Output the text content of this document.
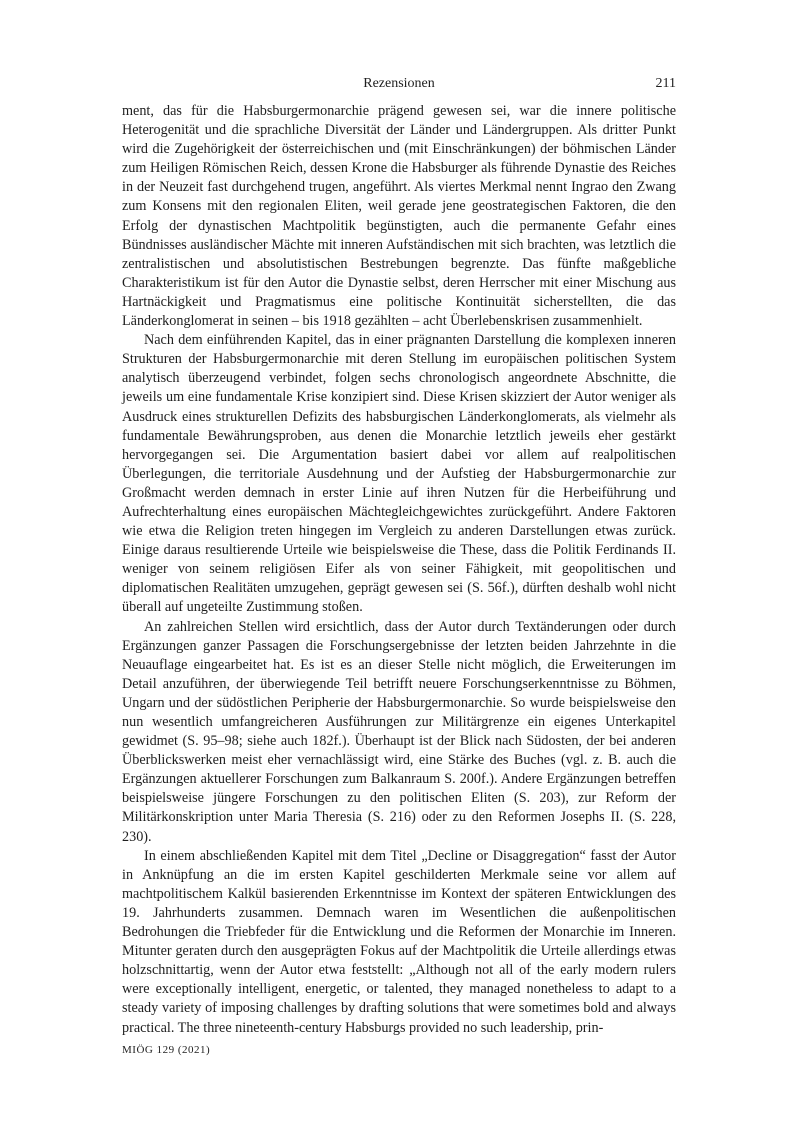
Rezensionen	211

ment, das für die Habsburgermonarchie prägend gewesen sei, war die innere politische Heterogenität und die sprachliche Diversität der Länder und Ländergruppen. Als dritter Punkt wird die Zugehörigkeit der österreichischen und (mit Einschränkungen) der böhmischen Länder zum Heiligen Römischen Reich, dessen Krone die Habsburger als führende Dynastie des Reiches in der Neuzeit fast durchgehend trugen, angeführt. Als viertes Merkmal nennt Ingrao den Zwang zum Konsens mit den regionalen Eliten, weil gerade jene geostrategischen Faktoren, die den Erfolg der dynastischen Machtpolitik begünstigten, auch die permanente Gefahr eines Bündnisses ausländischer Mächte mit inneren Aufständischen mit sich brachten, was letztlich die zentralistischen und absolutistischen Bestrebungen begrenzte. Das fünfte maßgebliche Charakteristikum ist für den Autor die Dynastie selbst, deren Herrscher mit einer Mischung aus Hartnäckigkeit und Pragmatismus eine politische Kontinuität sicherstellten, die das Länderkonglomerat in seinen – bis 1918 gezählten – acht Überlebenskrisen zusammenhielt.

Nach dem einführenden Kapitel, das in einer prägnanten Darstellung die komplexen inneren Strukturen der Habsburgermonarchie mit deren Stellung im europäischen politischen System analytisch überzeugend verbindet, folgen sechs chronologisch angeordnete Abschnitte, die jeweils um eine fundamentale Krise konzipiert sind. Diese Krisen skizziert der Autor weniger als Ausdruck eines strukturellen Defizits des habsburgischen Länderkonglomerats, als vielmehr als fundamentale Bewährungsproben, aus denen die Monarchie letztlich jeweils eher gestärkt hervorgegangen sei. Die Argumentation basiert dabei vor allem auf realpolitischen Überlegungen, die territoriale Ausdehnung und der Aufstieg der Habsburgermonarchie zur Großmacht werden demnach in erster Linie auf ihren Nutzen für die Herbeiführung und Aufrechterhaltung eines europäischen Mächtegleichgewichtes zurückgeführt. Andere Faktoren wie etwa die Religion treten hingegen im Vergleich zu anderen Darstellungen etwas zurück. Einige daraus resultierende Urteile wie beispielsweise die These, dass die Politik Ferdinands II. weniger von seinem religiösen Eifer als von seiner Fähigkeit, mit geopolitischen und diplomatischen Realitäten umzugehen, geprägt gewesen sei (S. 56f.), dürften deshalb wohl nicht überall auf ungeteilte Zustimmung stoßen.

An zahlreichen Stellen wird ersichtlich, dass der Autor durch Textänderungen oder durch Ergänzungen ganzer Passagen die Forschungsergebnisse der letzten beiden Jahrzehnte in die Neuauflage eingearbeitet hat. Es ist es an dieser Stelle nicht möglich, die Erweiterungen im Detail anzuführen, der überwiegende Teil betrifft neuere Forschungserkenntnisse zu Böhmen, Ungarn und der südöstlichen Peripherie der Habsburgermonarchie. So wurde beispielsweise den nun wesentlich umfangreicheren Ausführungen zur Militärgrenze ein eigenes Unterkapitel gewidmet (S. 95–98; siehe auch 182f.). Überhaupt ist der Blick nach Südosten, der bei anderen Überblickswerken meist eher vernachlässigt wird, eine Stärke des Buches (vgl. z. B. auch die Ergänzungen aktuellerer Forschungen zum Balkanraum S. 200f.). Andere Ergänzungen betreffen beispielsweise jüngere Forschungen zu den politischen Eliten (S. 203), zur Reform der Militärkonskription unter Maria Theresia (S. 216) oder zu den Reformen Josephs II. (S. 228, 230).

In einem abschließenden Kapitel mit dem Titel „Decline or Disaggregation“ fasst der Autor in Anknüpfung an die im ersten Kapitel geschilderten Merkmale seine vor allem auf machtpolitischem Kalkül basierenden Erkenntnisse im Kontext der späteren Entwicklungen des 19. Jahrhunderts zusammen. Demnach waren im Wesentlichen die außenpolitischen Bedrohungen die Triebfeder für die Entwicklung und die Reformen der Monarchie im Inneren. Mitunter geraten durch den ausgeprägten Fokus auf der Machtpolitik die Urteile allerdings etwas holzschnittartig, wenn der Autor etwa feststellt: „Although not all of the early modern rulers were exceptionally intelligent, energetic, or talented, they managed nonetheless to adapt to a steady variety of imposing challenges by drafting solutions that were sometimes bold and always practical. The three nineteenth-century Habsburgs provided no such leadership, prin-

MIÖG 129 (2021)
